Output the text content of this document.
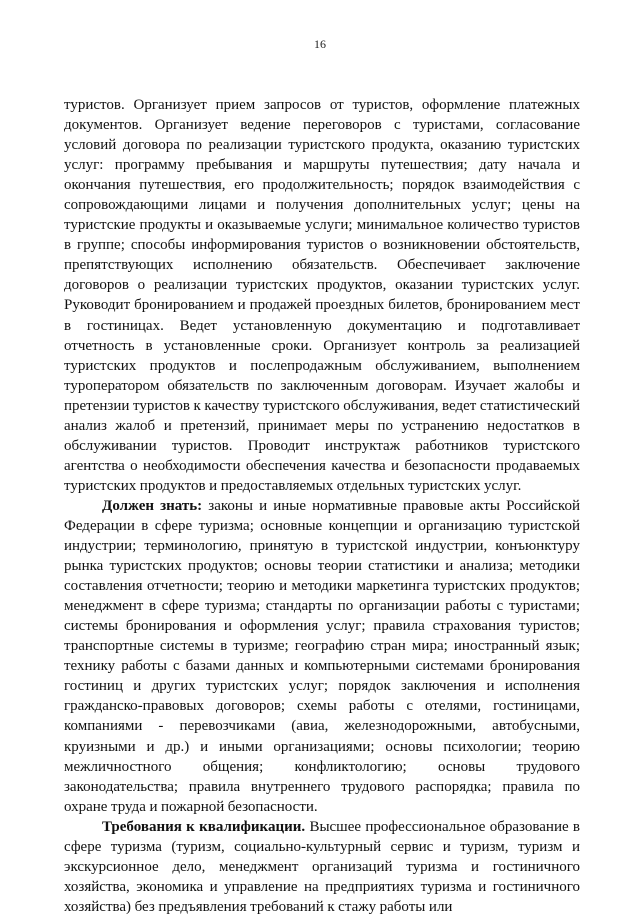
16

туристов. Организует прием запросов от туристов, оформление платежных документов. Организует ведение переговоров с туристами, согласование условий договора по реализации туристского продукта, оказанию туристских услуг: программу пребывания и маршруты путешествия; дату начала и окончания путешествия, его продолжительность; порядок взаимодействия с сопровождающими лицами и получения дополнительных услуг; цены на туристские продукты и оказываемые услуги; минимальное количество туристов в группе; способы информирования туристов о возникновении обстоятельств, препятствующих исполнению обязательств. Обеспечивает заключение договоров о реализации туристских продуктов, оказании туристских услуг. Руководит бронированием и продажей проездных билетов, бронированием мест в гостиницах. Ведет установленную документацию и подготавливает отчетность в установленные сроки. Организует контроль за реализацией туристских продуктов и послепродажным обслуживанием, выполнением туроператором обязательств по заключенным договорам. Изучает жалобы и претензии туристов к качеству туристского обслуживания, ведет статистический анализ жалоб и претензий, принимает меры по устранению недостатков в обслуживании туристов. Проводит инструктаж работников туристского агентства о необходимости обеспечения качества и безопасности продаваемых туристских продуктов и предоставляемых отдельных туристских услуг.

Должен знать: законы и иные нормативные правовые акты Российской Федерации в сфере туризма; основные концепции и организацию туристской индустрии; терминологию, принятую в туристской индустрии, конъюнктуру рынка туристских продуктов; основы теории статистики и анализа; методики составления отчетности; теорию и методики маркетинга туристских продуктов; менеджмент в сфере туризма; стандарты по организации работы с туристами; системы бронирования и оформления услуг; правила страхования туристов; транспортные системы в туризме; географию стран мира; иностранный язык; технику работы с базами данных и компьютерными системами бронирования гостиниц и других туристских услуг; порядок заключения и исполнения гражданско-правовых договоров; схемы работы с отелями, гостиницами, компаниями - перевозчиками (авиа, железнодорожными, автобусными, круизными и др.) и иными организациями; основы психологии; теорию межличностного общения; конфликтологию; основы трудового законодательства; правила внутреннего трудового распорядка; правила по охране труда и пожарной безопасности.

Требования к квалификации. Высшее профессиональное образование в сфере туризма (туризм, социально-культурный сервис и туризм, туризм и экскурсионное дело, менеджмент организаций туризма и гостиничного хозяйства, экономика и управление на предприятиях туризма и гостиничного хозяйства) без предъявления требований к стажу работы или
